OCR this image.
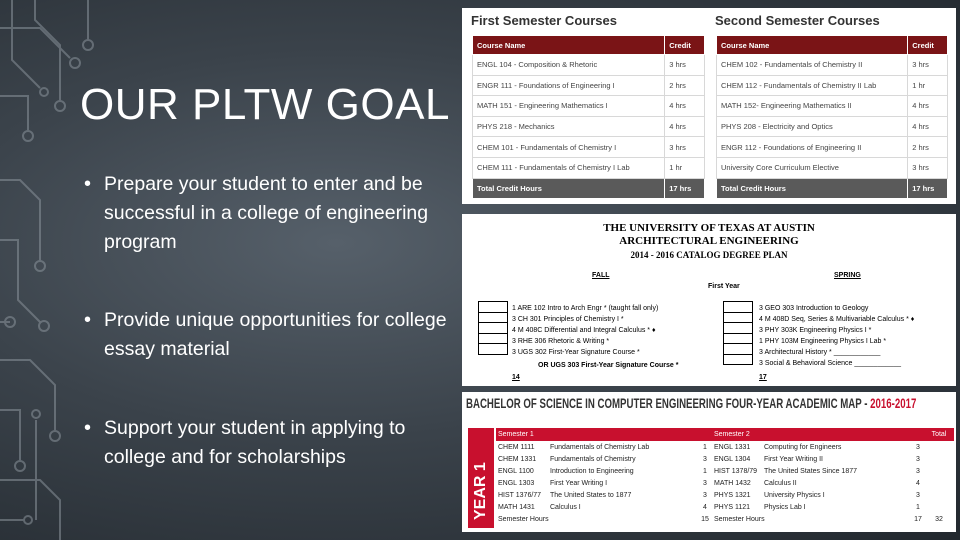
OUR PLTW GOAL
• Prepare your student to enter and be successful in a college of engineering program
• Provide unique opportunities for college essay material
• Support your student in applying to college and for scholarships
First Semester Courses	Second Semester Courses
Course Name	Credit
ENGL 104 - Composition & Rhetoric	3 hrs
ENGR 111 - Foundations of Engineering I	2 hrs
MATH 151 - Engineering Mathematics I	4 hrs
PHYS 218 - Mechanics	4 hrs
CHEM 101 - Fundamentals of Chemistry I	3 hrs
CHEM 111 - Fundamentals of Chemistry I Lab	1 hr
Total Credit Hours	17 hrs
Course Name	Credit
CHEM 102 - Fundamentals of Chemistry II	3 hrs
CHEM 112 - Fundamentals of Chemistry II Lab	1 hr
MATH 152- Engineering Mathematics II	4 hrs
PHYS 208 - Electricity and Optics	4 hrs
ENGR 112 - Foundations of Engineering II	2 hrs
University Core Curriculum Elective	3 hrs
Total Credit Hours	17 hrs
THE UNIVERSITY OF TEXAS AT AUSTIN
ARCHITECTURAL ENGINEERING
2014 - 2016 CATALOG DEGREE PLAN
FALL	SPRING
First Year
1 ARE 102 Intro to Arch Engr * (taught fall only)
3 CH 301 Principles of Chemistry I *
4 M 408C Differential and Integral Calculus * ♦
3 RHE 306 Rhetoric & Writing *
3 UGS 302 First-Year Signature Course *
OR UGS 303 First-Year Signature Course *
14
3 GEO 303 Introduction to Geology
4 M 408D Seq, Series & Multivariable Calculus * ♦
3 PHY 303K Engineering Physics I *
1 PHY 103M Engineering Physics I Lab *
3 Architectural History * ____________
3 Social & Behavioral Science ____________
17
BACHELOR OF SCIENCE IN COMPUTER ENGINEERING FOUR-YEAR ACADEMIC MAP - 2016-2017
YEAR 1
Semester 1			Semester 2			Total
CHEM 1111	Fundamentals of Chemistry Lab	1	ENGL 1331	Computing for Engineers	3	
CHEM 1331	Fundamentals of Chemistry	3	ENGL 1304	First Year Writing II	3	
ENGL 1100	Introduction to Engineering	1	HIST 1378/79	The United States Since 1877	3	
ENGL 1303	First Year Writing I	3	MATH 1432	Calculus II	4	
HIST 1376/77	The United States to 1877	3	PHYS 1321	University Physics I	3	
MATH 1431	Calculus I	4	PHYS 1121	Physics Lab I	1	
Semester Hours		15	Semester Hours		17	32
